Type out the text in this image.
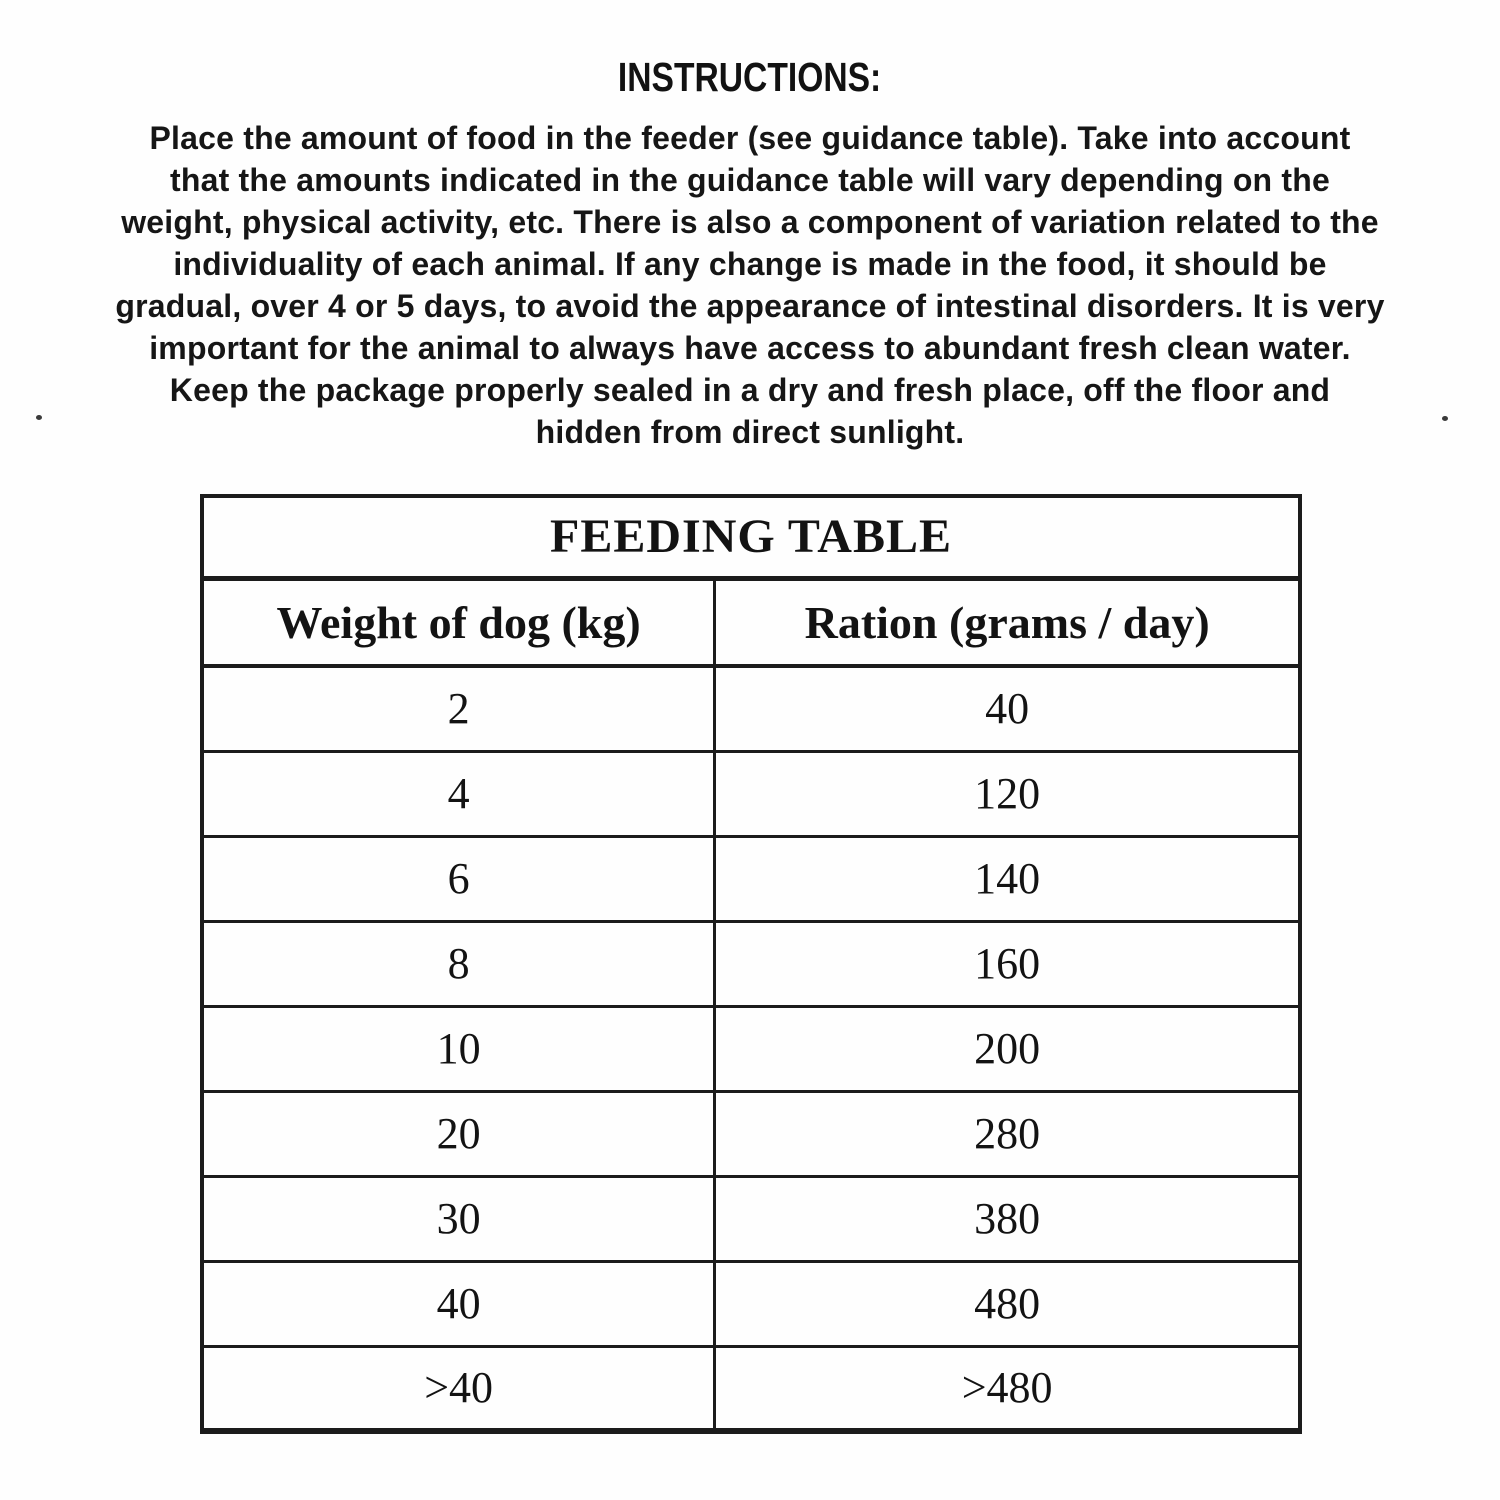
INSTRUCTIONS:
Place the amount of food in the feeder (see guidance table). Take into account
that the amounts indicated in the guidance table will vary depending on the
weight, physical activity, etc. There is also a component of variation related to the
individuality of each animal. If any change is made in the food, it should be
gradual, over 4 or 5 days, to avoid the appearance of intestinal disorders. It is very
important for the animal to always have access to abundant fresh clean water.
Keep the package properly sealed in a dry and fresh place, off the floor and
hidden from direct sunlight.
FEEDING TABLE	
Weight of dog (kg)	Ration (grams / day)
2	40
4	120
6	140
8	160
10	200
20	280
30	380
40	480
>40	>480
